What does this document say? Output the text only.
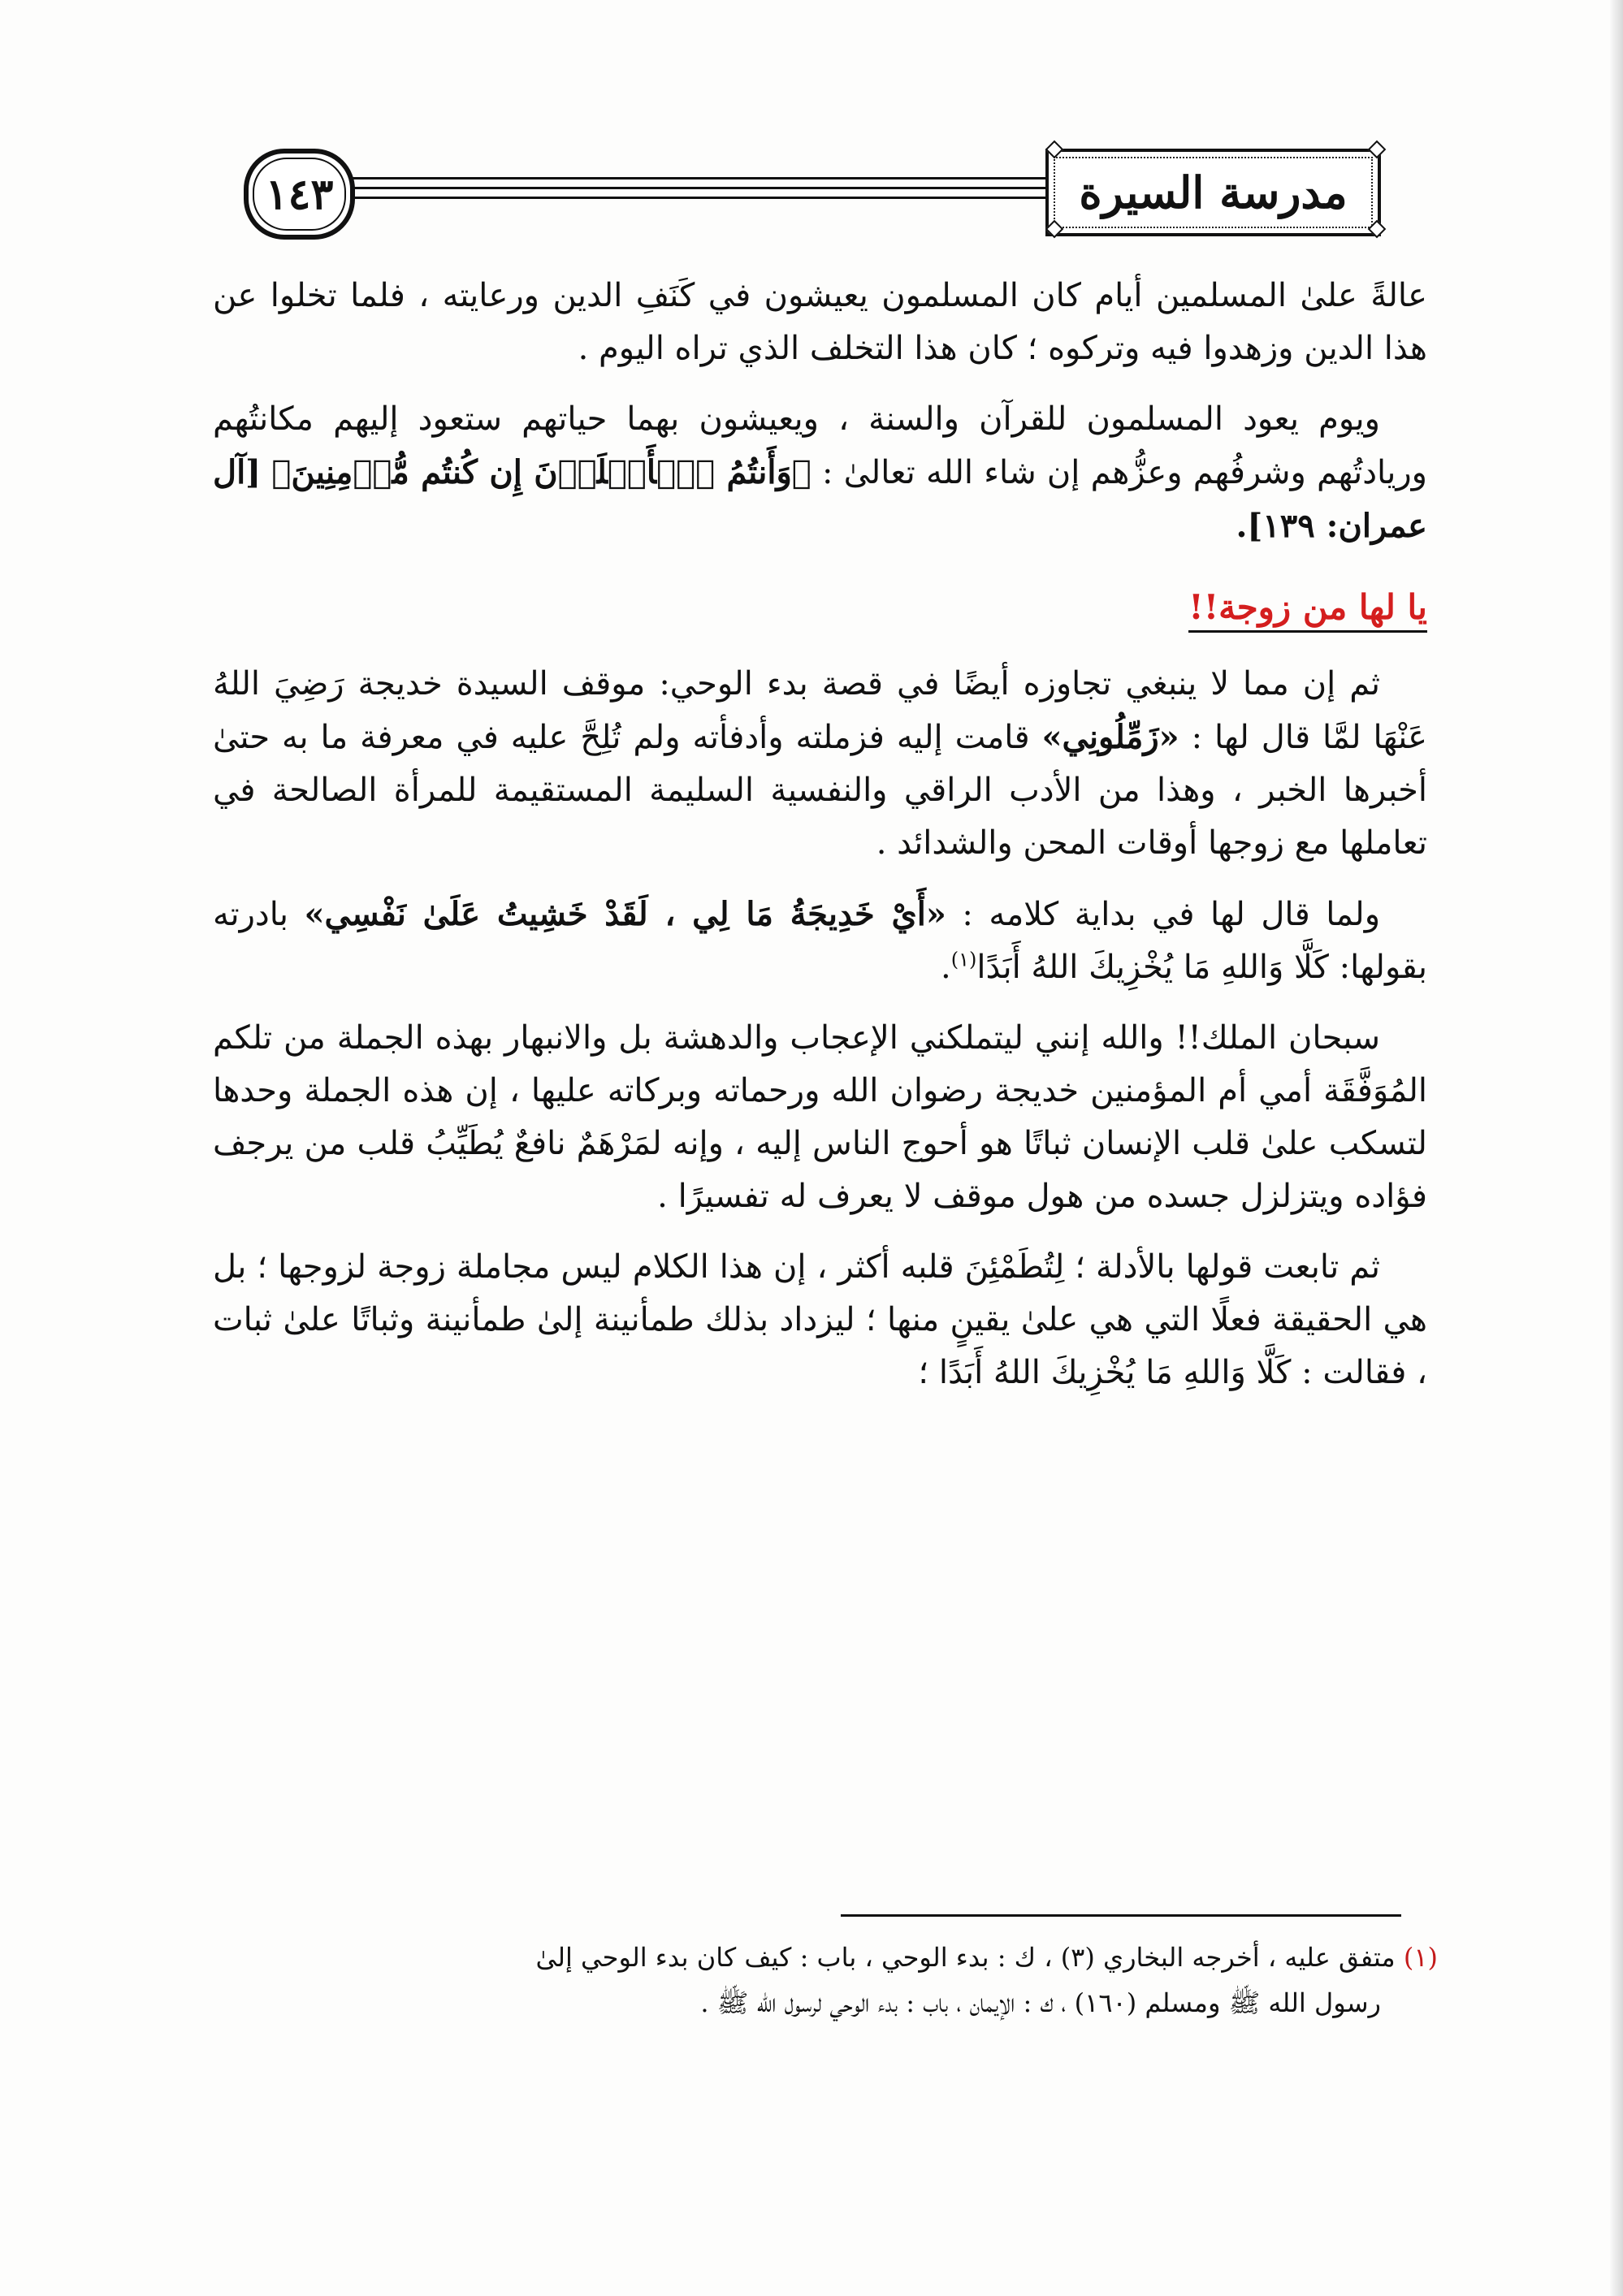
١٤٣	مدرسة السيرة

عالةً علىٰ المسلمين أيام كان المسلمون يعيشون في كَنَفِ الدين ورعايته ، فلما تخلوا عن هذا الدين وزهدوا فيه وتركوه ؛ كان هذا التخلف الذي تراه اليوم .

ويوم يعود المسلمون للقرآن والسنة ، ويعيشون بهما حياتهم ستعود إليهم مكانتُهم وريادتُهم وشرفُهم وعزُّهم إن شاء الله تعالىٰ : ﴿وَأَنتُمُ ٱلۡأَعۡلَوۡنَ إِن كُنتُم مُّؤۡمِنِينَ﴾ [آل عمران: ١٣٩].

يا لها من زوجة!!

ثم إن مما لا ينبغي تجاوزه أيضًا في قصة بدء الوحي: موقف السيدة خديجة رَضِيَ اللهُ عَنْهَا لمَّا قال لها : «زَمِّلُونِي» قامت إليه فزملته وأدفأته ولم تُلِحَّ عليه في معرفة ما به حتىٰ أخبرها الخبر ، وهذا من الأدب الراقي والنفسية السليمة المستقيمة للمرأة الصالحة في تعاملها مع زوجها أوقات المحن والشدائد .

ولما قال لها في بداية كلامه : «أَيْ خَدِيجَةُ مَا لِي ، لَقَدْ خَشِيتُ عَلَىٰ نَفْسِي» بادرته بقولها: كَلَّا وَاللهِ مَا يُخْزِيكَ اللهُ أَبَدًا$^{(١)}$.

سبحان الملك!! والله إنني ليتملكني الإعجاب والدهشة بل والانبهار بهذه الجملة من تلكم المُوَفَّقَة أمي أم المؤمنين خديجة رضوان الله ورحماته وبركاته عليها ، إن هذه الجملة وحدها لتسكب علىٰ قلب الإنسان ثباتًا هو أحوج الناس إليه ، وإنه لمَرْهَمٌ نافعٌ يُطَيِّبُ قلب من يرجف فؤاده ويتزلزل جسده من هول موقف لا يعرف له تفسيرًا .

ثم تابعت قولها بالأدلة ؛ لِتُطَمْئِنَ قلبه أكثر ، إن هذا الكلام ليس مجاملة زوجة لزوجها ؛ بل هي الحقيقة فعلًا التي هي علىٰ يقينٍ منها ؛ ليزداد بذلك طمأنينة إلىٰ طمأنينة وثباتًا علىٰ ثبات ، فقالت : كَلَّا وَاللهِ مَا يُخْزِيكَ اللهُ أَبَدًا ؛

(١) متفق عليه ، أخرجه البخاري (٣) ، ك : بدء الوحي ، باب : كيف كان بدء الوحي إلىٰ

رسول الله ﷺ ومسلم (١٦٠) ، ك : الإيمان ، باب : بدء الوحي لرسول الله ﷺ .
